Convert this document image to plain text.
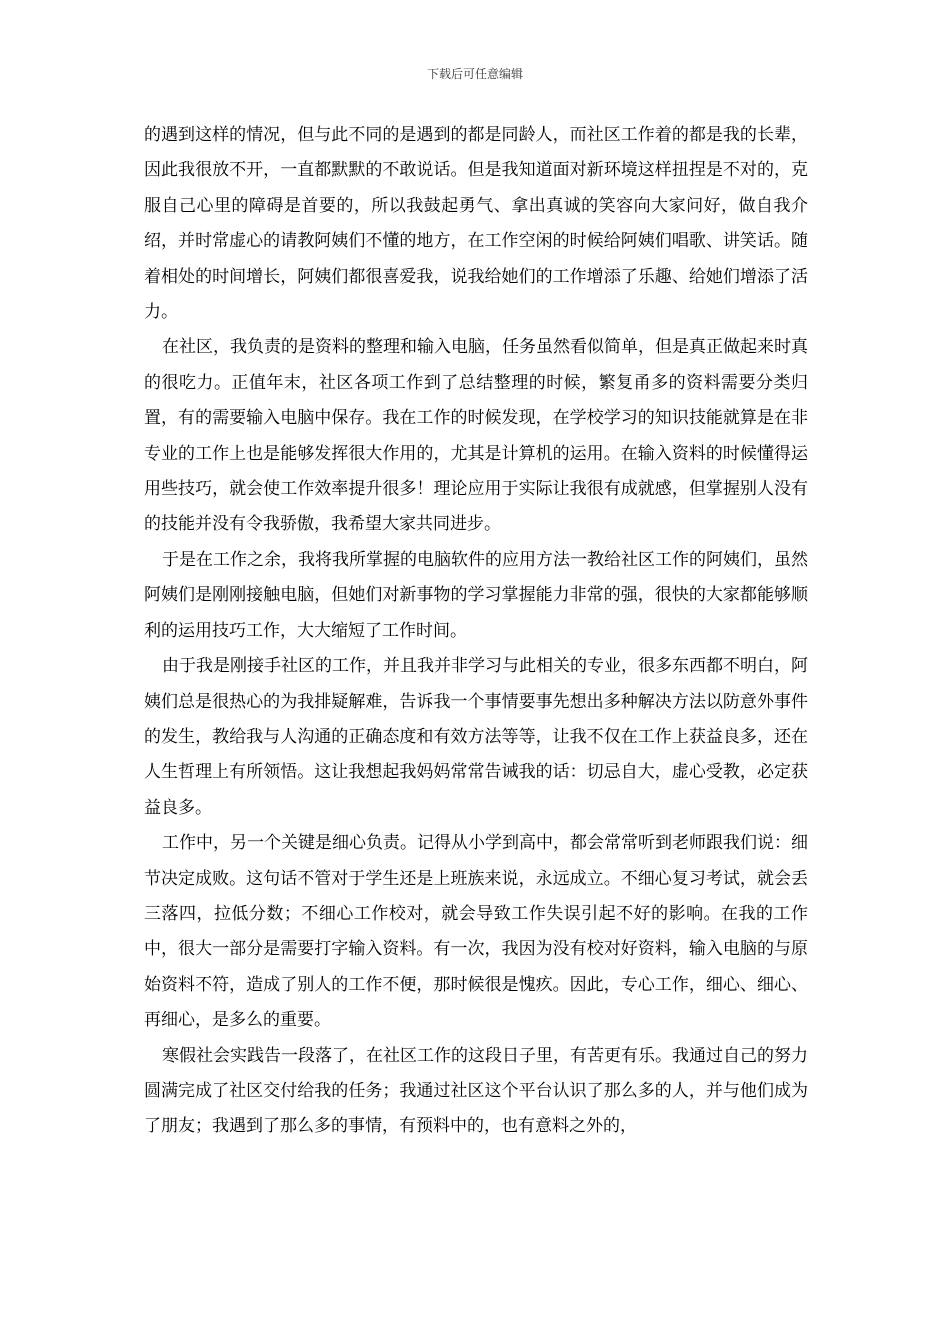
下载后可任意编辑

的遇到这样的情况，但与此不同的是遇到的都是同龄人，而社区工作着的都是我的长辈，因此我很放不开，一直都默默的不敢说话。但是我知道面对新环境这样扭捏是不对的，克服自己心里的障碍是首要的，所以我鼓起勇气、拿出真诚的笑容向大家问好，做自我介绍，并时常虚心的请教阿姨们不懂的地方，在工作空闲的时候给阿姨们唱歌、讲笑话。随着相处的时间增长，阿姨们都很喜爱我，说我给她们的工作增添了乐趣、给她们增添了活力。

在社区，我负责的是资料的整理和输入电脑，任务虽然看似简单，但是真正做起来时真的很吃力。正值年末，社区各项工作到了总结整理的时候，繁复甬多的资料需要分类归置，有的需要输入电脑中保存。我在工作的时候发现，在学校学习的知识技能就算是在非专业的工作上也是能够发挥很大作用的，尤其是计算机的运用。在输入资料的时候懂得运用些技巧，就会使工作效率提升很多！理论应用于实际让我很有成就感，但掌握别人没有的技能并没有令我骄傲，我希望大家共同进步。

于是在工作之余，我将我所掌握的电脑软件的应用方法一教给社区工作的阿姨们，虽然阿姨们是刚刚接触电脑，但她们对新事物的学习掌握能力非常的强，很快的大家都能够顺利的运用技巧工作，大大缩短了工作时间。

由于我是刚接手社区的工作，并且我并非学习与此相关的专业，很多东西都不明白，阿姨们总是很热心的为我排疑解难，告诉我一个事情要事先想出多种解决方法以防意外事件的发生，教给我与人沟通的正确态度和有效方法等等，让我不仅在工作上获益良多，还在人生哲理上有所领悟。这让我想起我妈妈常常告诫我的话：切忌自大，虚心受教，必定获益良多。

工作中，另一个关键是细心负责。记得从小学到高中，都会常常听到老师跟我们说：细节决定成败。这句话不管对于学生还是上班族来说，永远成立。不细心复习考试，就会丢三落四，拉低分数；不细心工作校对，就会导致工作失误引起不好的影响。在我的工作中，很大一部分是需要打字输入资料。有一次，我因为没有校对好资料，输入电脑的与原始资料不符，造成了别人的工作不便，那时候很是愧疚。因此，专心工作，细心、细心、再细心，是多么的重要。

寒假社会实践告一段落了，在社区工作的这段日子里，有苦更有乐。我通过自己的努力圆满完成了社区交付给我的任务；我通过社区这个平台认识了那么多的人，并与他们成为了朋友；我遇到了那么多的事情，有预料中的，也有意料之外的，
